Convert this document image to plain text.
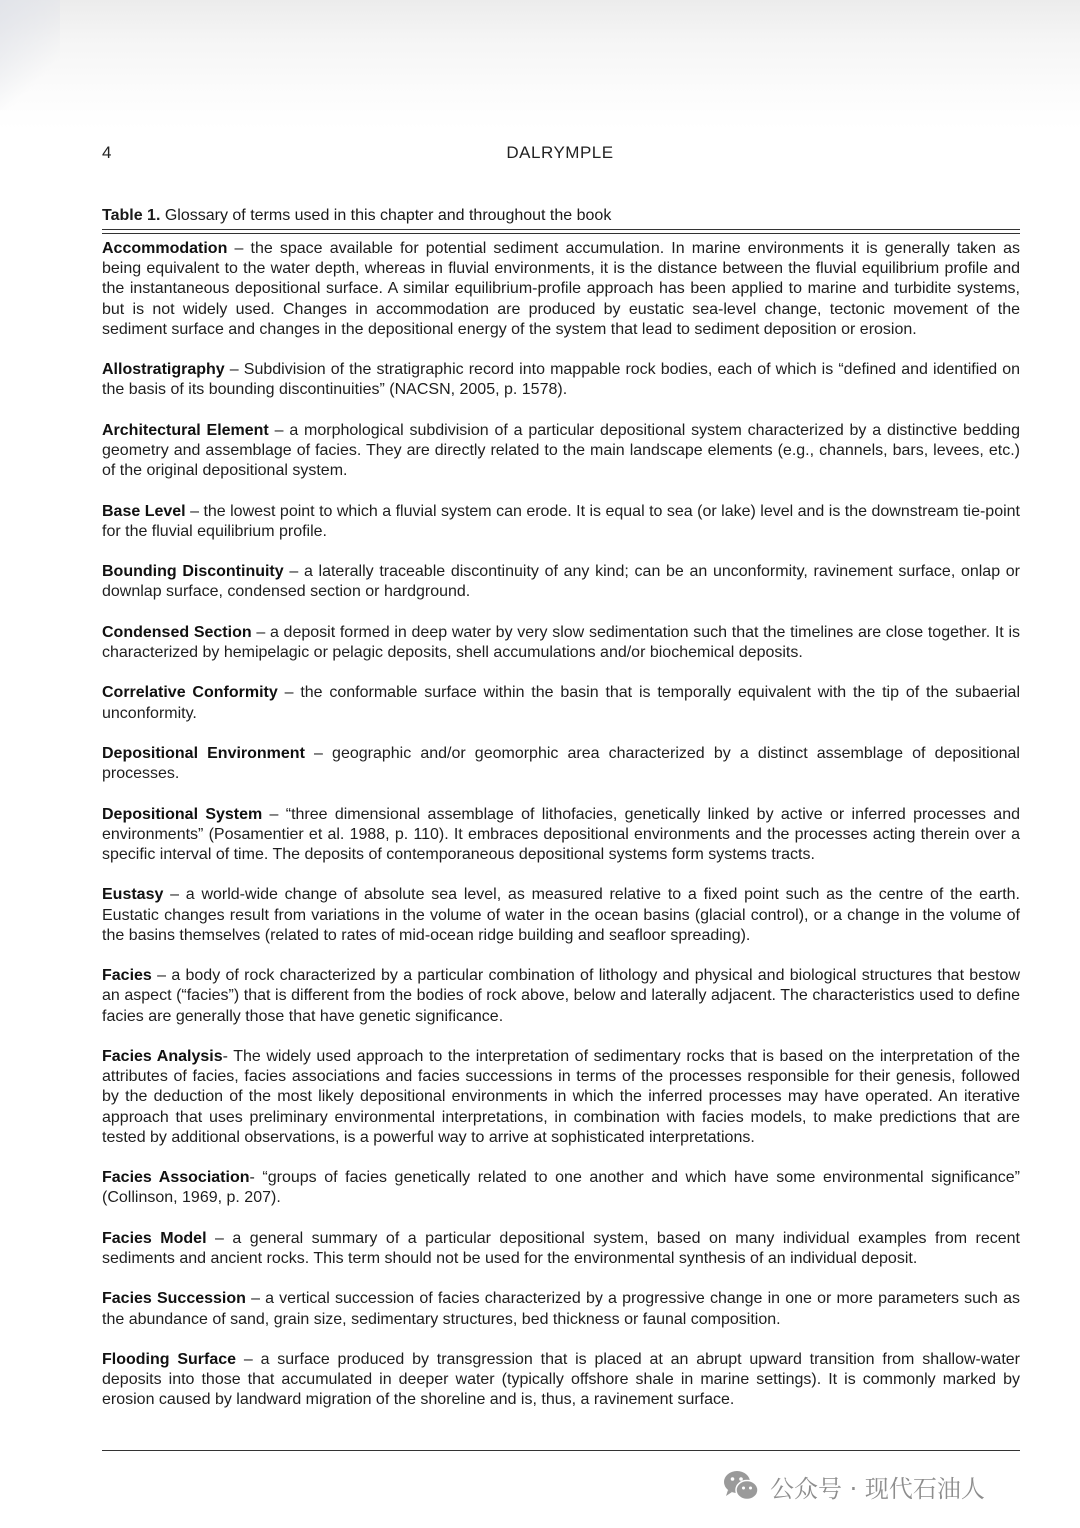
4	DALRYMPLE
Table 1. Glossary of terms used in this chapter and throughout the book

Accommodation – the space available for potential sediment accumulation. In marine environments it is generally taken as being equivalent to the water depth, whereas in fluvial environments, it is the distance between the fluvial equilibrium profile and the instantaneous depositional surface. A similar equilibrium-profile approach has been applied to marine and turbidite systems, but is not widely used. Changes in accommodation are produced by eustatic sea-level change, tectonic movement of the sediment surface and changes in the depositional energy of the system that lead to sediment deposition or erosion.

Allostratigraphy – Subdivision of the stratigraphic record into mappable rock bodies, each of which is “defined and identified on the basis of its bounding discontinuities” (NACSN, 2005, p. 1578).

Architectural Element – a morphological subdivision of a particular depositional system characterized by a distinctive bedding geometry and assemblage of facies. They are directly related to the main landscape elements (e.g., channels, bars, levees, etc.) of the original depositional system.

Base Level – the lowest point to which a fluvial system can erode. It is equal to sea (or lake) level and is the downstream tie-point for the fluvial equilibrium profile.

Bounding Discontinuity – a laterally traceable discontinuity of any kind; can be an unconformity, ravinement surface, onlap or downlap surface, condensed section or hardground.

Condensed Section – a deposit formed in deep water by very slow sedimentation such that the timelines are close together. It is characterized by hemipelagic or pelagic deposits, shell accumulations and/or biochemical deposits.

Correlative Conformity – the conformable surface within the basin that is temporally equivalent with the tip of the subaerial unconformity.

Depositional Environment – geographic and/or geomorphic area characterized by a distinct assemblage of depositional processes.

Depositional System – “three dimensional assemblage of lithofacies, genetically linked by active or inferred processes and environments” (Posamentier et al. 1988, p. 110). It embraces depositional environments and the processes acting therein over a specific interval of time. The deposits of contemporaneous depositional systems form systems tracts.

Eustasy – a world-wide change of absolute sea level, as measured relative to a fixed point such as the centre of the earth. Eustatic changes result from variations in the volume of water in the ocean basins (glacial control), or a change in the volume of the basins themselves (related to rates of mid-ocean ridge building and seafloor spreading).

Facies – a body of rock characterized by a particular combination of lithology and physical and biological structures that bestow an aspect (“facies”) that is different from the bodies of rock above, below and laterally adjacent. The characteristics used to define facies are generally those that have genetic significance.

Facies Analysis- The widely used approach to the interpretation of sedimentary rocks that is based on the interpretation of the attributes of facies, facies associations and facies successions in terms of the processes responsible for their genesis, followed by the deduction of the most likely depositional environments in which the inferred processes may have operated. An iterative approach that uses preliminary environmental interpretations, in combination with facies models, to make predictions that are tested by additional observations, is a powerful way to arrive at sophisticated interpretations.

Facies Association- “groups of facies genetically related to one another and which have some environmental significance” (Collinson, 1969, p. 207).

Facies Model – a general summary of a particular depositional system, based on many individual examples from recent sediments and ancient rocks. This term should not be used for the environmental synthesis of an individual deposit.

Facies Succession – a vertical succession of facies characterized by a progressive change in one or more parameters such as the abundance of sand, grain size, sedimentary structures, bed thickness or faunal composition.

Flooding Surface – a surface produced by transgression that is placed at an abrupt upward transition from shallow-water deposits into those that accumulated in deeper water (typically offshore shale in marine settings). It is commonly marked by erosion caused by landward migration of the shoreline and is, thus, a ravinement surface.

公众号 · 现代石油人
